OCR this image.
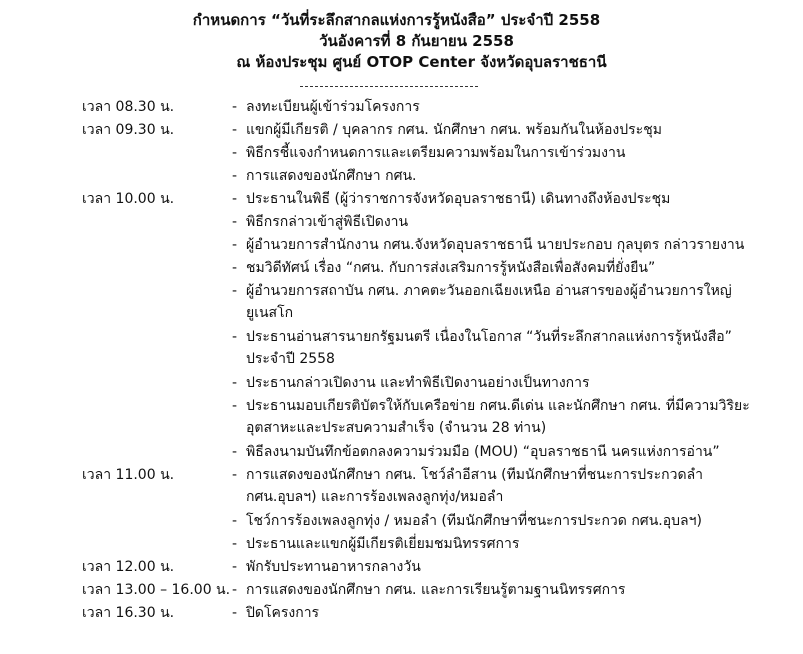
กำหนดการ “วันที่ระลึกสากลแห่งการรู้หนังสือ” ประจำปี 2558

วันอังคารที่ 8 กันยายน 2558

ณ ห้องประชุม ศูนย์ OTOP Center จังหวัดอุบลราชธานี

เวลา 08.30 น.	- ลงทะเบียนผู้เข้าร่วมโครงการ
เวลา 09.30 น.	- แขกผู้มีเกียรติ / บุคลากร กศน. นักศึกษา กศน. พร้อมกันในห้องประชุม
- พิธีกรชี้แจงกำหนดการและเตรียมความพร้อมในการเข้าร่วมงาน
- การแสดงของนักศึกษา กศน.
เวลา 10.00 น.	- ประธานในพิธี (ผู้ว่าราชการจังหวัดอุบลราชธานี) เดินทางถึงห้องประชุม
- พิธีกรกล่าวเข้าสู่พิธีเปิดงาน
- ผู้อำนวยการสำนักงาน กศน.จังหวัดอุบลราชธานี นายประกอบ กุลบุตร กล่าวรายงาน
- ชมวิดีทัศน์ เรื่อง “กศน. กับการส่งเสริมการรู้หนังสือเพื่อสังคมที่ยั่งยืน”
- ผู้อำนวยการสถาบัน กศน. ภาคตะวันออกเฉียงเหนือ อ่านสารของผู้อำนวยการใหญ่
ยูเนสโก
- ประธานอ่านสารนายกรัฐมนตรี เนื่องในโอกาส “วันที่ระลึกสากลแห่งการรู้หนังสือ”
ประจำปี 2558
- ประธานกล่าวเปิดงาน และทำพิธีเปิดงานอย่างเป็นทางการ
- ประธานมอบเกียรติบัตรให้กับเครือข่าย กศน.ดีเด่น และนักศึกษา กศน. ที่มีความวิริยะ
อุตสาหะและประสบความสำเร็จ (จำนวน 28 ท่าน)
- พิธีลงนามบันทึกข้อตกลงความร่วมมือ (MOU) “อุบลราชธานี นครแห่งการอ่าน”
เวลา 11.00 น.	- การแสดงของนักศึกษา กศน. โชว์ลำอีสาน (ทีมนักศึกษาที่ชนะการประกวดลำ
กศน.อุบลฯ) และการร้องเพลงลูกทุ่ง/หมอลำ
- โชว์การร้องเพลงลูกทุ่ง / หมอลำ (ทีมนักศึกษาที่ชนะการประกวด กศน.อุบลฯ)
- ประธานและแขกผู้มีเกียรติเยี่ยมชมนิทรรศการ
เวลา 12.00 น.	- พักรับประทานอาหารกลางวัน
เวลา 13.00 – 16.00 น. - การแสดงของนักศึกษา กศน. และการเรียนรู้ตามฐานนิทรรศการ
เวลา 16.30 น.	- ปิดโครงการ
